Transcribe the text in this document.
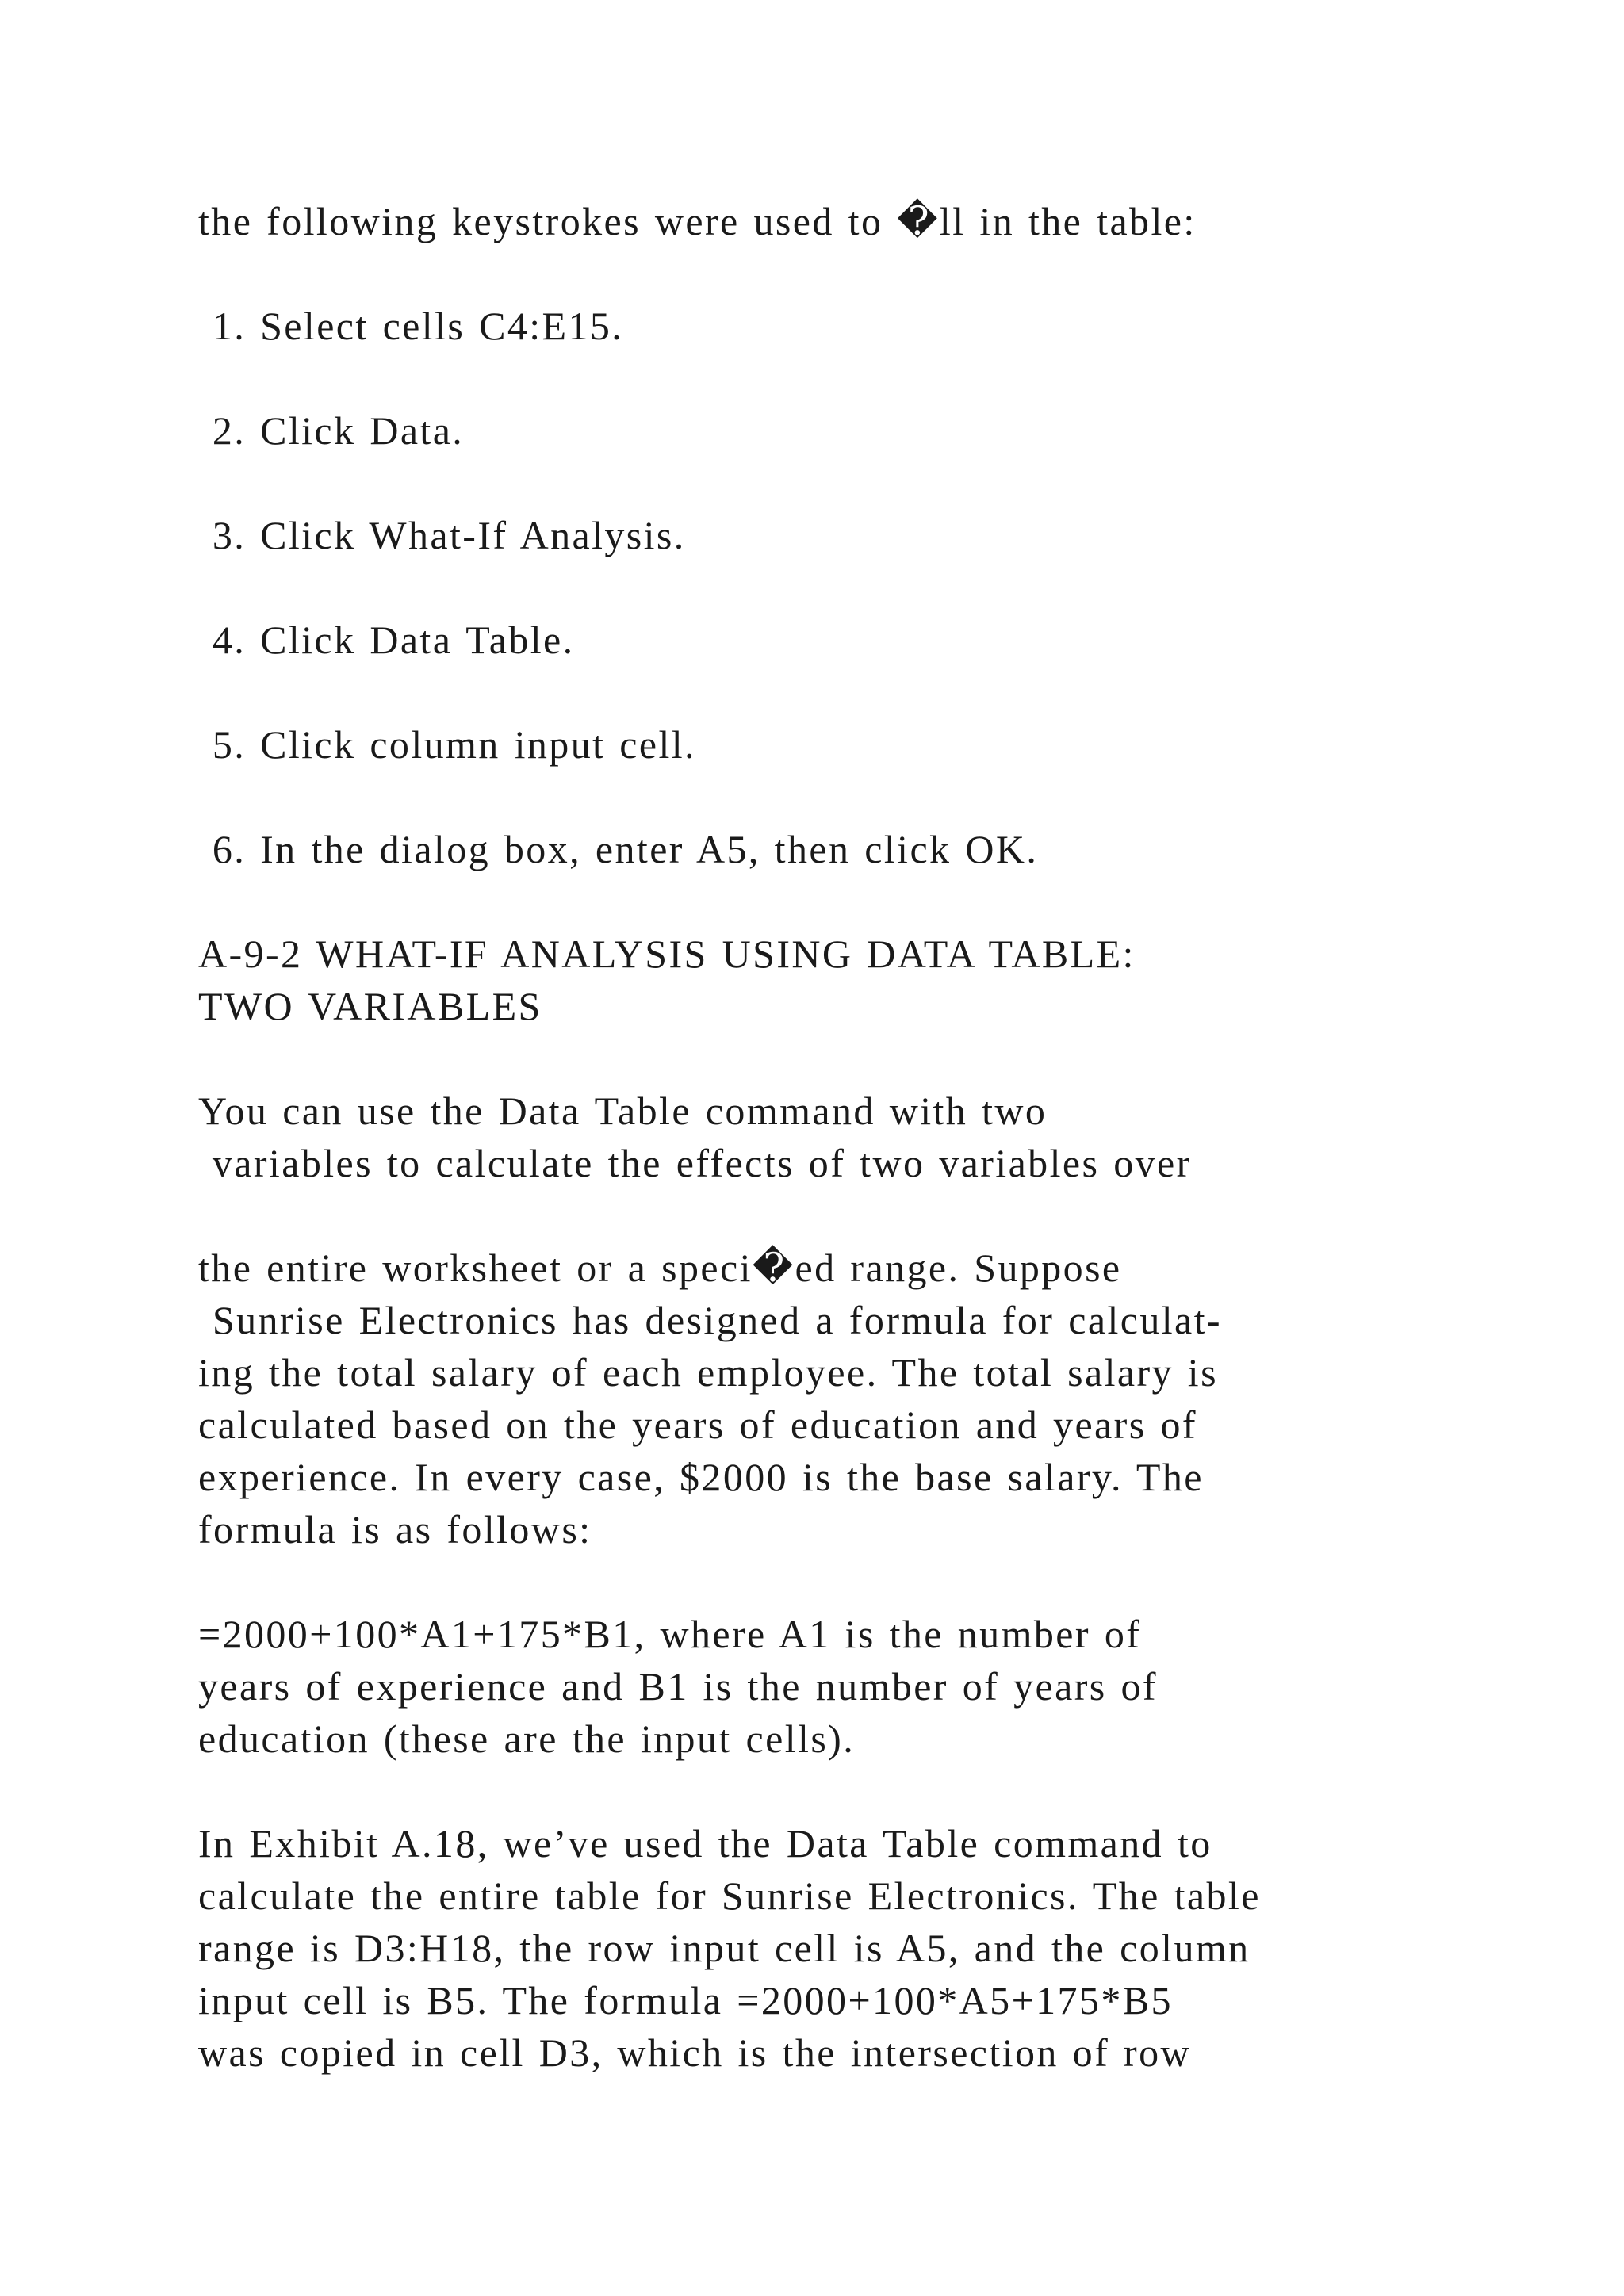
the following keystrokes were used to �ll in the table:

1. Select cells C4:E15.

2. Click Data.

3. Click What-If Analysis.

4. Click Data Table.

5. Click column input cell.

6. In the dialog box, enter A5, then click OK.

A-9-2 WHAT-IF ANALYSIS USING DATA TABLE:

TWO VARIABLES

You can use the Data Table command with two

variables to calculate the effects of two variables over

the entire worksheet or a speci�ed range. Suppose

Sunrise Electronics has designed a formula for calculat-

ing the total salary of each employee. The total salary is

calculated based on the years of education and years of

experience. In every case, $2000 is the base salary. The

formula is as follows:

=2000+100*A1+175*B1, where A1 is the number of

years of experience and B1 is the number of years of

education (these are the input cells).

In Exhibit A.18, we’ve used the Data Table command to

calculate the entire table for Sunrise Electronics. The table

range is D3:H18, the row input cell is A5, and the column

input cell is B5. The formula =2000+100*A5+175*B5

was copied in cell D3, which is the intersection of row
